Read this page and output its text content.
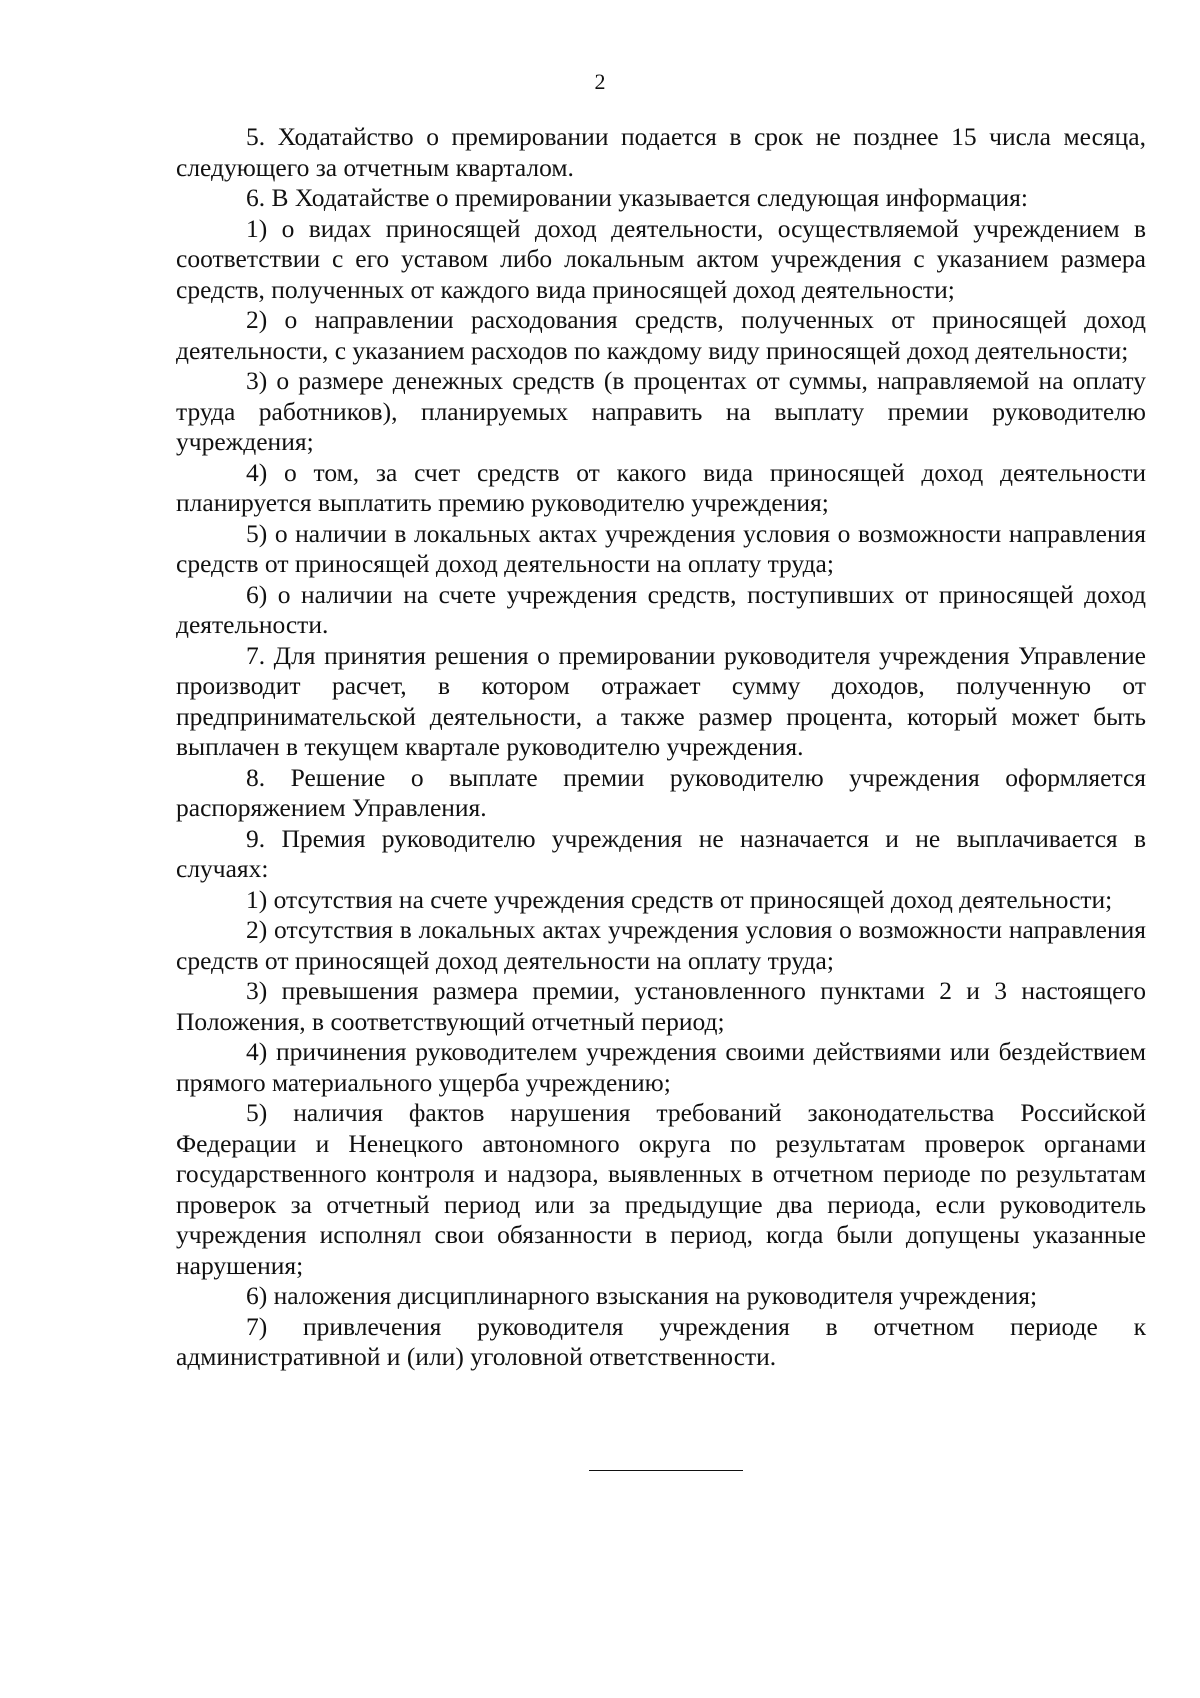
2

5. Ходатайство о премировании подается в срок не позднее 15 числа месяца, следующего за отчетным кварталом.

6. В Ходатайстве о премировании указывается следующая информация:

1) о видах приносящей доход деятельности, осуществляемой учреждением в соответствии с его уставом либо локальным актом учреждения с указанием размера средств, полученных от каждого вида приносящей доход деятельности;

2) о направлении расходования средств, полученных от приносящей доход деятельности, с указанием расходов по каждому виду приносящей доход деятельности;

3) о размере денежных средств (в процентах от суммы, направляемой на оплату труда работников), планируемых направить на выплату премии руководителю учреждения;

4) о том, за счет средств от какого вида приносящей доход деятельности планируется выплатить премию руководителю учреждения;

5) о наличии в локальных актах учреждения условия о возможности направления средств от приносящей доход деятельности на оплату труда;

6) о наличии на счете учреждения средств, поступивших от приносящей доход деятельности.

7. Для принятия решения о премировании руководителя учреждения Управление производит расчет, в котором отражает сумму доходов, полученную от предпринимательской деятельности, а также размер процента, который может быть выплачен в текущем квартале руководителю учреждения.

8. Решение о выплате премии руководителю учреждения оформляется распоряжением Управления.

9. Премия руководителю учреждения не назначается и не выплачивается в случаях:

1) отсутствия на счете учреждения средств от приносящей доход деятельности;

2) отсутствия в локальных актах учреждения условия о возможности направления средств от приносящей доход деятельности на оплату труда;

3) превышения размера премии, установленного пунктами 2 и 3 настоящего Положения, в соответствующий отчетный период;

4) причинения руководителем учреждения своими действиями или бездействием прямого материального ущерба учреждению;

5) наличия фактов нарушения требований законодательства Российской Федерации и Ненецкого автономного округа по результатам проверок органами государственного контроля и надзора, выявленных в отчетном периоде по результатам проверок за отчетный период или за предыдущие два периода, если руководитель учреждения исполнял свои обязанности в период, когда были допущены указанные нарушения;

6) наложения дисциплинарного взыскания на руководителя учреждения;

7) привлечения руководителя учреждения в отчетном периоде к административной и (или) уголовной ответственности.
